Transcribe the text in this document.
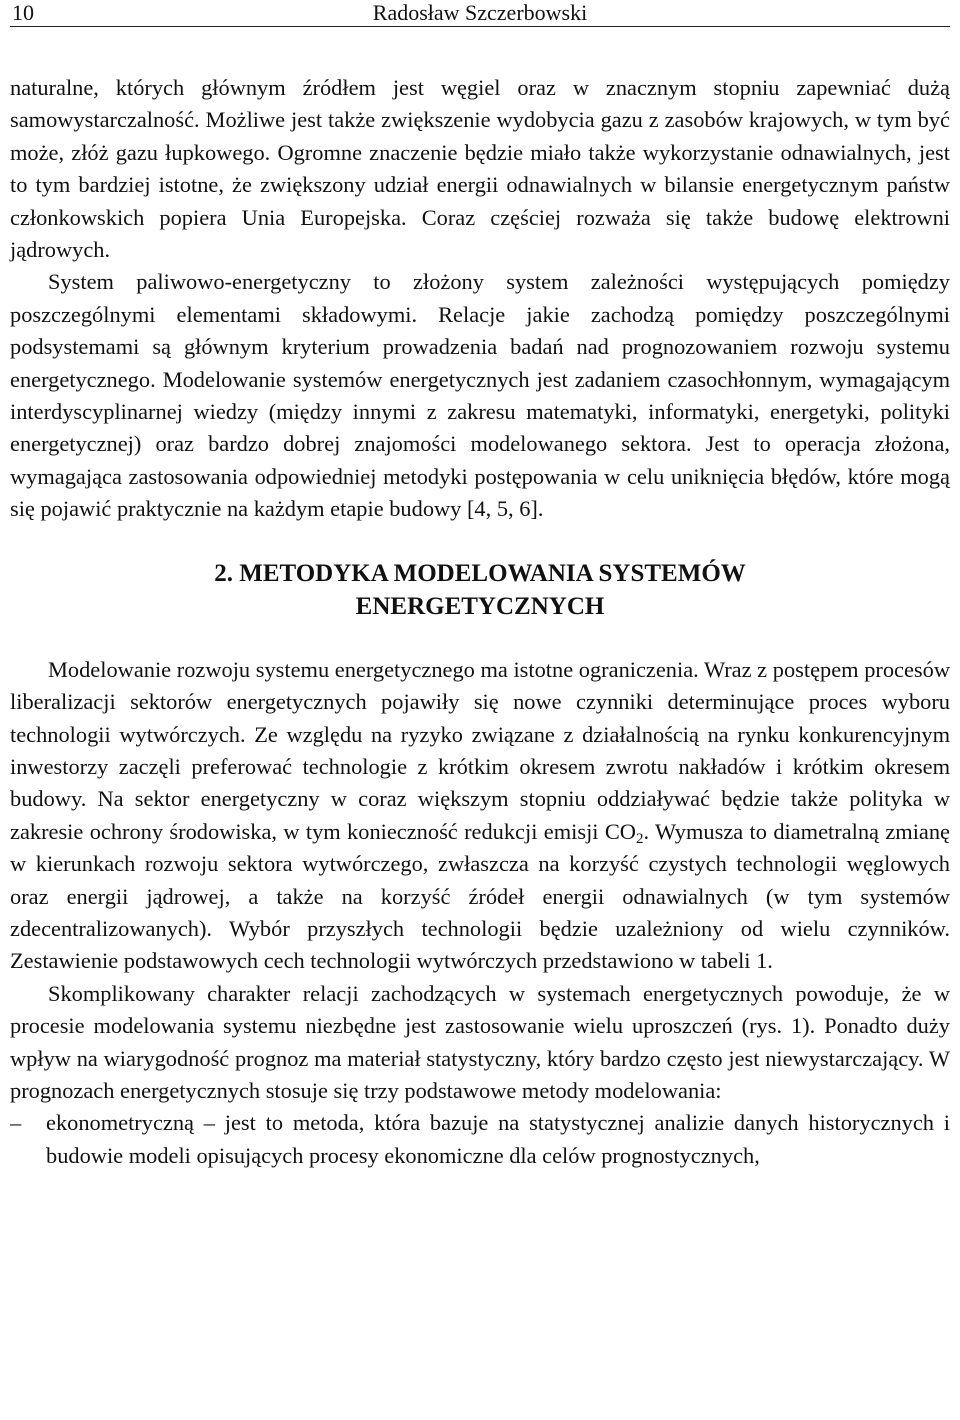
10	Radosław Szczerbowski

naturalne, których głównym źródłem jest węgiel oraz w znacznym stopniu zapewniać dużą samowystarczalność. Możliwe jest także zwiększenie wydobycia gazu z zasobów krajowych, w tym być może, złóż gazu łupkowego. Ogromne znaczenie będzie miało także wykorzystanie odnawialnych, jest to tym bardziej istotne, że zwiększony udział energii odnawialnych w bilansie energetycznym państw członkowskich popiera Unia Europejska. Coraz częściej rozważa się także budowę elektrowni jądrowych.

System paliwowo-energetyczny to złożony system zależności występujących pomiędzy poszczególnymi elementami składowymi. Relacje jakie zachodzą pomiędzy poszczególnymi podsystemami są głównym kryterium prowadzenia badań nad prognozowaniem rozwoju systemu energetycznego. Modelowanie systemów energetycznych jest zadaniem czasochłonnym, wymagającym interdyscyplinarnej wiedzy (między innymi z zakresu matematyki, informatyki, energetyki, polityki energetycznej) oraz bardzo dobrej znajomości modelowanego sektora. Jest to operacja złożona, wymagająca zastosowania odpowiedniej metodyki postępowania w celu uniknięcia błędów, które mogą się pojawić praktycznie na każdym etapie budowy [4, 5, 6].

2. METODYKA MODELOWANIA SYSTEMÓW
ENERGETYCZNYCH

Modelowanie rozwoju systemu energetycznego ma istotne ograniczenia. Wraz z postępem procesów liberalizacji sektorów energetycznych pojawiły się nowe czynniki determinujące proces wyboru technologii wytwórczych. Ze względu na ryzyko związane z działalnością na rynku konkurencyjnym inwestorzy zaczęli preferować technologie z krótkim okresem zwrotu nakładów i krótkim okresem budowy. Na sektor energetyczny w coraz większym stopniu oddziaływać będzie także polityka w zakresie ochrony środowiska, w tym konieczność redukcji emisji $CO_2$. Wymusza to diametralną zmianę w kierunkach rozwoju sektora wytwórczego, zwłaszcza na korzyść czystych technologii węglowych oraz energii jądrowej, a także na korzyść źródeł energii odnawialnych (w tym systemów zdecentralizowanych). Wybór przyszłych technologii będzie uzależniony od wielu czynników. Zestawienie podstawowych cech technologii wytwórczych przedstawiono w tabeli 1.

Skomplikowany charakter relacji zachodzących w systemach energetycznych powoduje, że w procesie modelowania systemu niezbędne jest zastosowanie wielu uproszczeń (rys. 1). Ponadto duży wpływ na wiarygodność prognoz ma materiał statystyczny, który bardzo często jest niewystarczający. W prognozach energetycznych stosuje się trzy podstawowe metody modelowania:

– ekonometryczną – jest to metoda, która bazuje na statystycznej analizie danych historycznych i budowie modeli opisujących procesy ekonomiczne dla celów prognostycznych,
